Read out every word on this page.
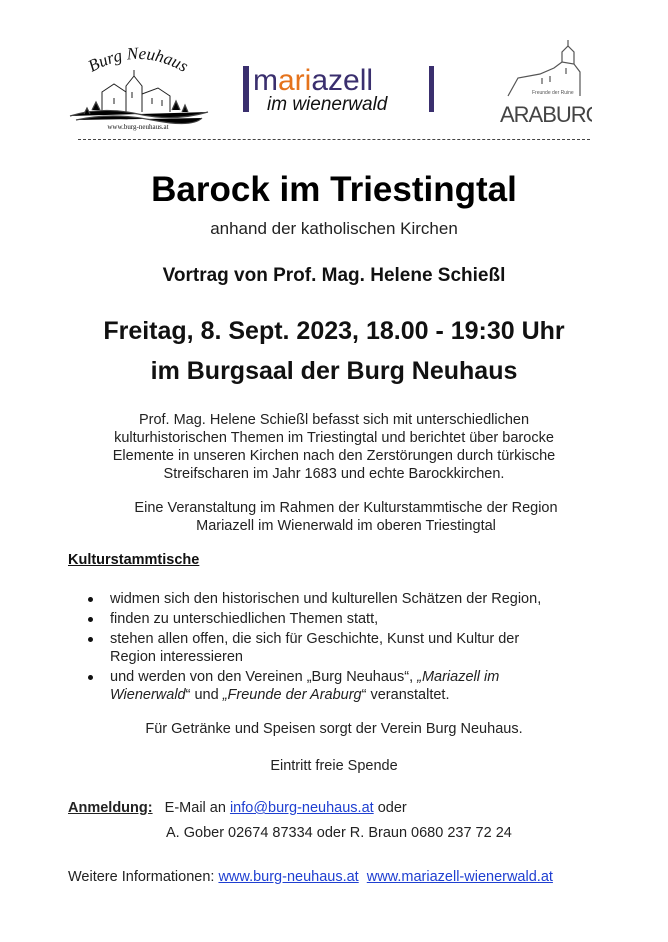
Burg Neuhaus
www.burg-neuhaus.at
mariazell
im wienerwald
Freunde der Ruine
ARABURG
Barock im Triestingtal
anhand der katholischen Kirchen
Vortrag von Prof. Mag. Helene Schießl
Freitag, 8. Sept. 2023, 18.00 - 19:30 Uhr
im Burgsaal der Burg Neuhaus
Prof. Mag. Helene Schießl befasst sich mit unterschiedlichen
kulturhistorischen Themen im Triestingtal und berichtet über barocke
Elemente in unseren Kirchen nach den Zerstörungen durch türkische
Streifscharen im Jahr 1683 und echte Barockkirchen.
Eine Veranstaltung im Rahmen der Kulturstammtische der Region
Mariazell im Wienerwald im oberen Triestingtal
Kulturstammtische
widmen sich den historischen und kulturellen Schätzen der Region,
finden zu unterschiedlichen Themen statt,
stehen allen offen, die sich für Geschichte, Kunst und Kultur der
Region interessieren
und werden von den Vereinen „Burg Neuhaus“, „Mariazell im
Wienerwald“ und „Freunde der Araburg“ veranstaltet.
Für Getränke und Speisen sorgt der Verein Burg Neuhaus.
Eintritt freie Spende
Anmeldung: E-Mail an info@burg-neuhaus.at oder
A. Gober 02674 87334 oder R. Braun 0680 237 72 24
Weitere Informationen: www.burg-neuhaus.at www.mariazell-wienerwald.at
